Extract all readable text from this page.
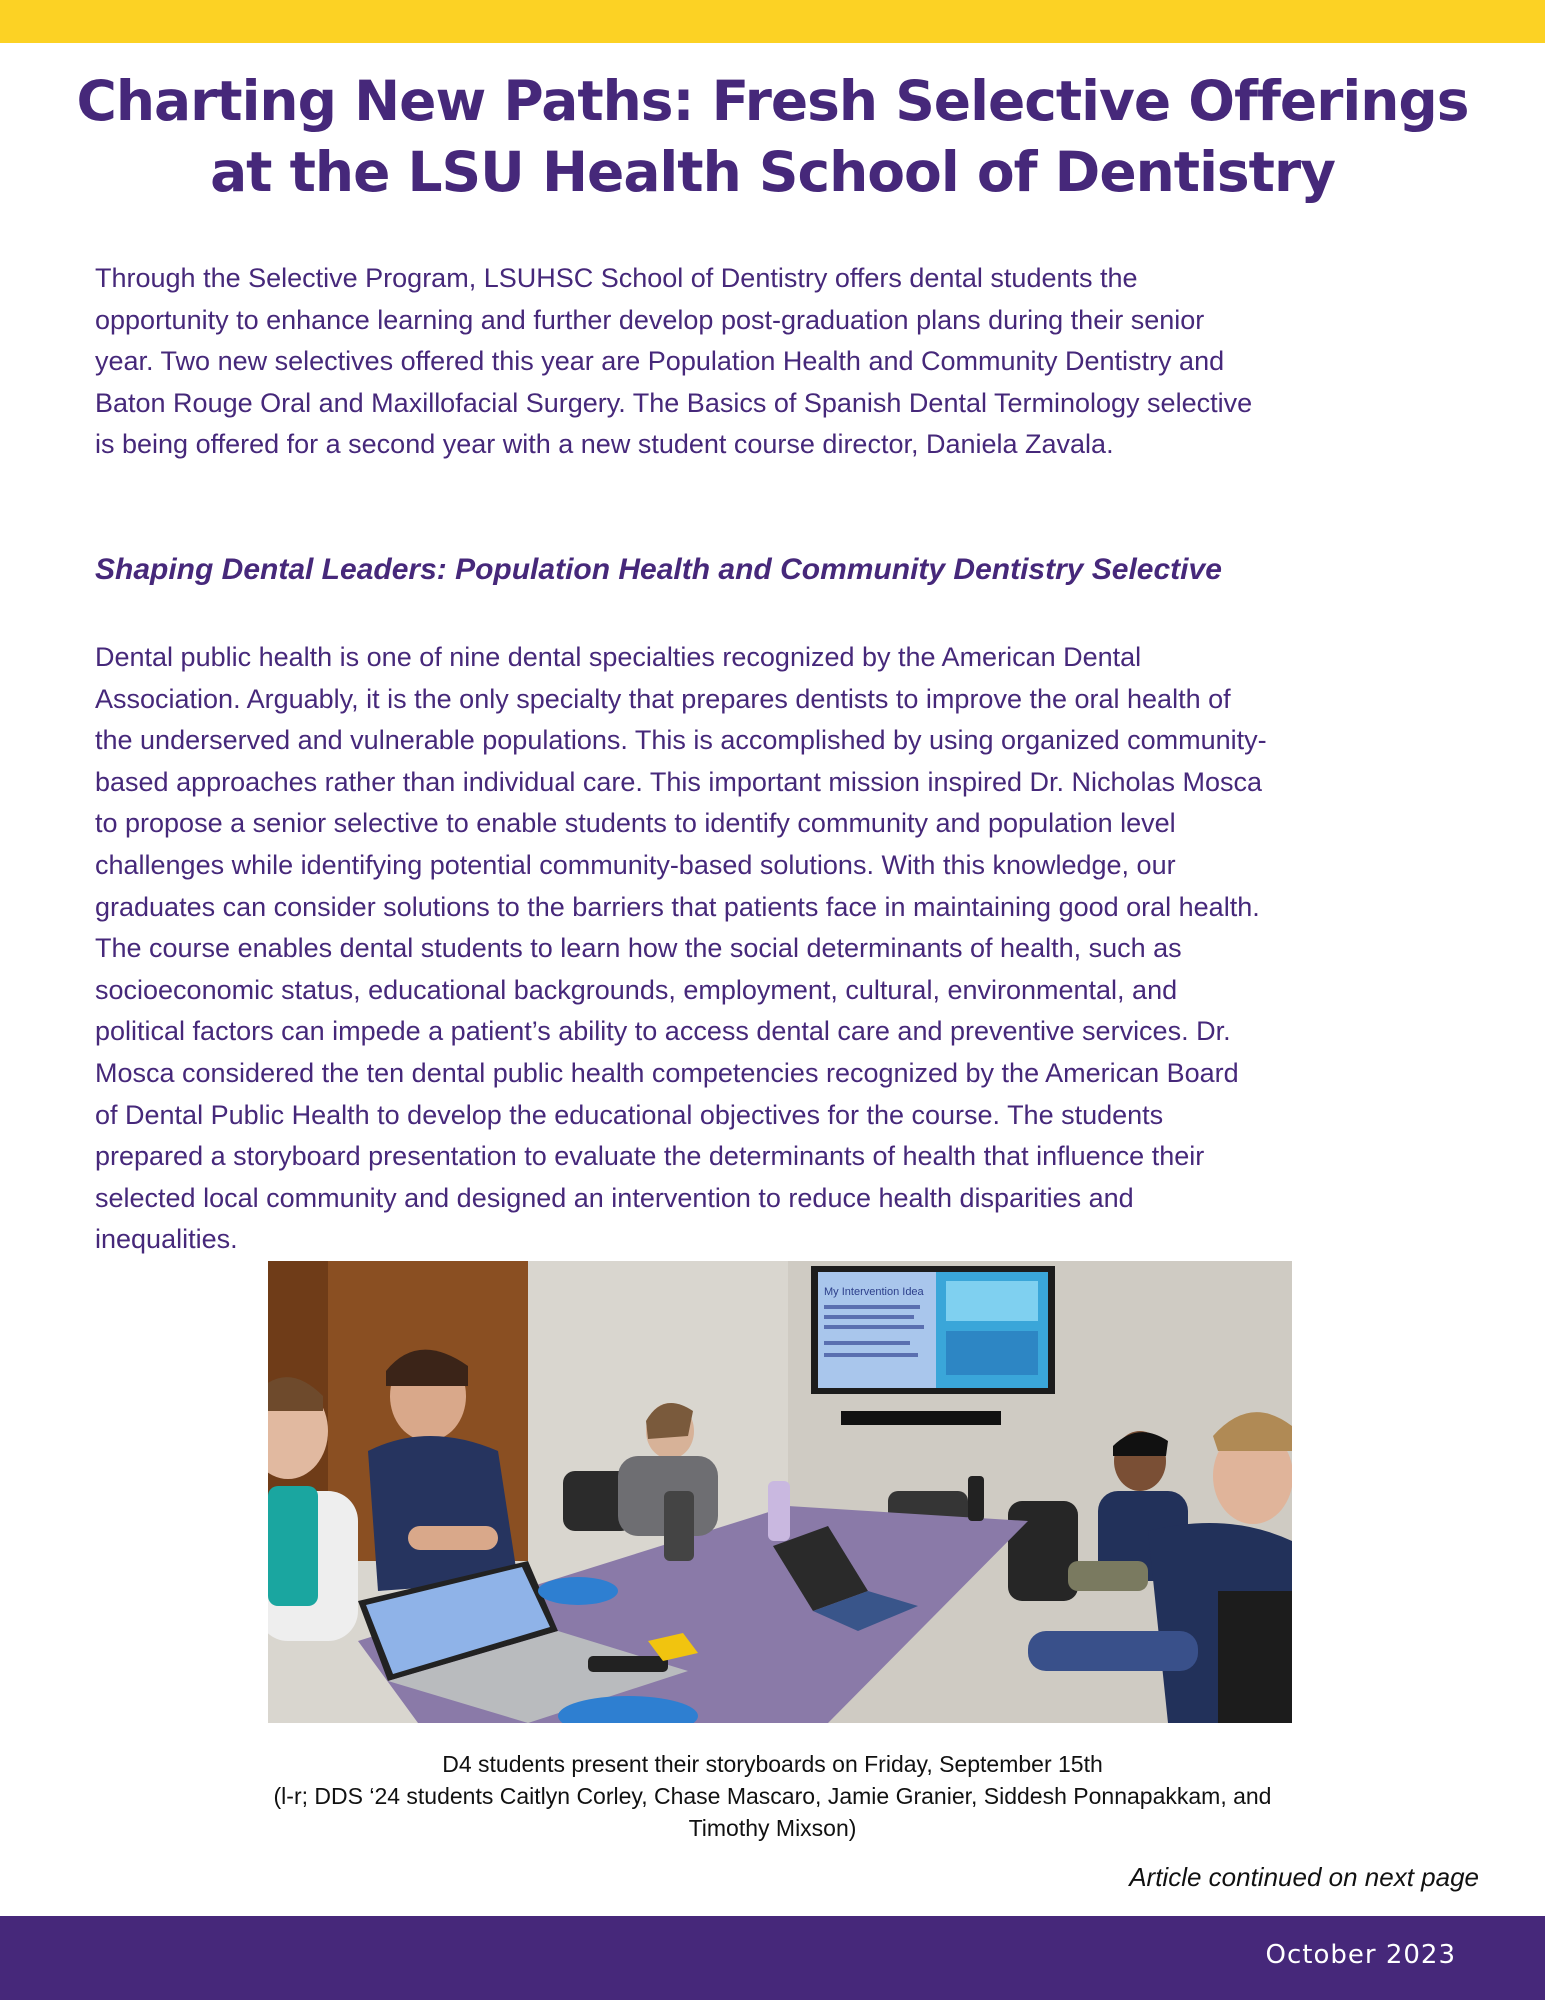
Charting New Paths: Fresh Selective Offerings
at the LSU Health School of Dentistry

Through the Selective Program, LSUHSC School of Dentistry offers dental students the
opportunity to enhance learning and further develop post-graduation plans during their senior
year. Two new selectives offered this year are Population Health and Community Dentistry and
Baton Rouge Oral and Maxillofacial Surgery. The Basics of Spanish Dental Terminology selective
is being offered for a second year with a new student course director, Daniela Zavala.

Shaping Dental Leaders: Population Health and Community Dentistry Selective

Dental public health is one of nine dental specialties recognized by the American Dental
Association. Arguably, it is the only specialty that prepares dentists to improve the oral health of
the underserved and vulnerable populations. This is accomplished by using organized community-
based approaches rather than individual care. This important mission inspired Dr. Nicholas Mosca
to propose a senior selective to enable students to identify community and population level
challenges while identifying potential community-based solutions. With this knowledge, our
graduates can consider solutions to the barriers that patients face in maintaining good oral health.
The course enables dental students to learn how the social determinants of health, such as
socioeconomic status, educational backgrounds, employment, cultural, environmental, and
political factors can impede a patient’s ability to access dental care and preventive services. Dr.
Mosca considered the ten dental public health competencies recognized by the American Board
of Dental Public Health to develop the educational objectives for the course. The students
prepared a storyboard presentation to evaluate the determinants of health that influence their
selected local community and designed an intervention to reduce health disparities and
inequalities.

My Intervention Idea

D4 students present their storyboards on Friday, September 15th
(l-r; DDS ‘24 students Caitlyn Corley, Chase Mascaro, Jamie Granier, Siddesh Ponnapakkam, and
Timothy Mixson)

Article continued on next page

October 2023
